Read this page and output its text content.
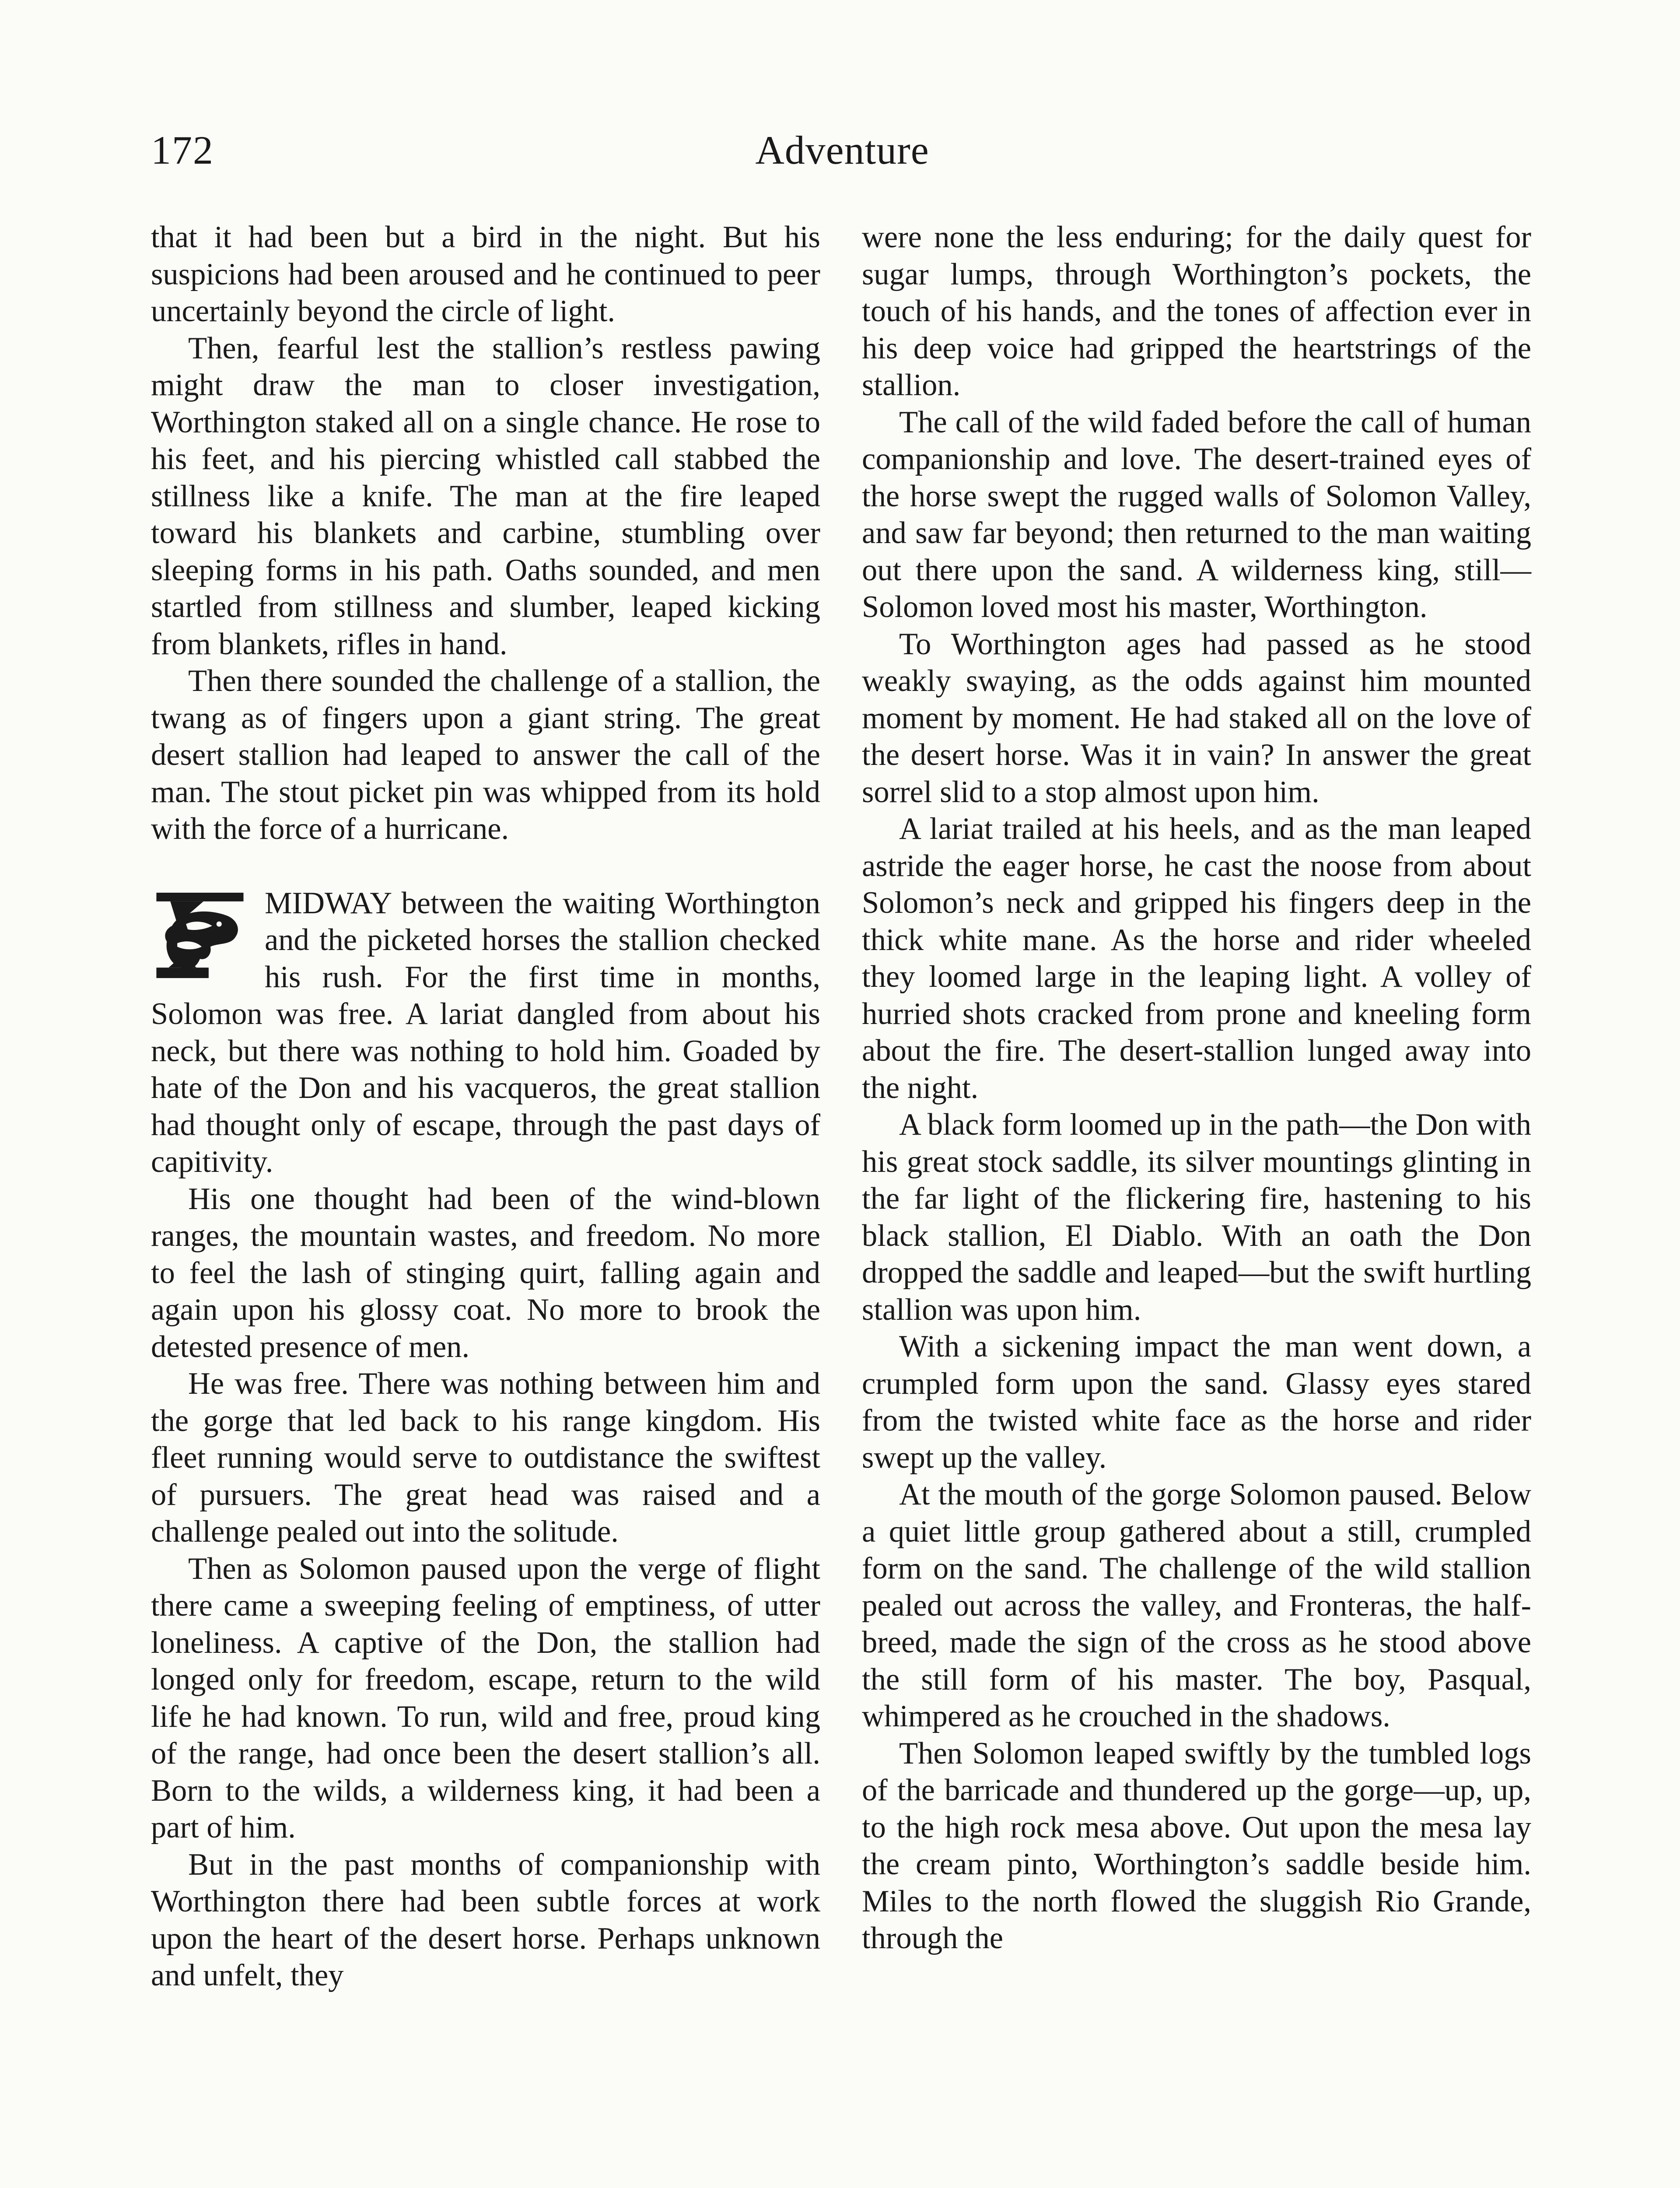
172	Adventure

that it had been but a bird in the night. But his suspicions had been aroused and he continued to peer uncertainly beyond the circle of light.

Then, fearful lest the stallion’s restless pawing might draw the man to closer investigation, Worthington staked all on a single chance. He rose to his feet, and his piercing whistled call stabbed the stillness like a knife. The man at the fire leaped toward his blankets and carbine, stumbling over sleeping forms in his path. Oaths sounded, and men startled from stillness and slumber, leaped kicking from blankets, rifles in hand.

Then there sounded the challenge of a stallion, the twang as of fingers upon a giant string. The great desert stallion had leaped to answer the call of the man. The stout picket pin was whipped from its hold with the force of a hurricane.

MIDWAY between the waiting Worthington and the picketed horses the stallion checked his rush. For the first time in months, Solomon was free. A lariat dangled from about his neck, but there was nothing to hold him. Goaded by hate of the Don and his vacqueros, the great stallion had thought only of escape, through the past days of capitivity.

His one thought had been of the wind-blown ranges, the mountain wastes, and freedom. No more to feel the lash of stinging quirt, falling again and again upon his glossy coat. No more to brook the detested presence of men.

He was free. There was nothing between him and the gorge that led back to his range kingdom. His fleet running would serve to outdistance the swiftest of pursuers. The great head was raised and a challenge pealed out into the solitude.

Then as Solomon paused upon the verge of flight there came a sweeping feeling of emptiness, of utter loneliness. A captive of the Don, the stallion had longed only for freedom, escape, return to the wild life he had known. To run, wild and free, proud king of the range, had once been the desert stallion’s all. Born to the wilds, a wilderness king, it had been a part of him.

But in the past months of companionship with Worthington there had been subtle forces at work upon the heart of the desert horse. Perhaps unknown and unfelt, they

were none the less enduring; for the daily quest for sugar lumps, through Worthington’s pockets, the touch of his hands, and the tones of affection ever in his deep voice had gripped the heartstrings of the stallion.

The call of the wild faded before the call of human companionship and love. The desert-trained eyes of the horse swept the rugged walls of Solomon Valley, and saw far beyond; then returned to the man waiting out there upon the sand. A wilderness king, still—Solomon loved most his master, Worthington.

To Worthington ages had passed as he stood weakly swaying, as the odds against him mounted moment by moment. He had staked all on the love of the desert horse. Was it in vain? In answer the great sorrel slid to a stop almost upon him.

A lariat trailed at his heels, and as the man leaped astride the eager horse, he cast the noose from about Solomon’s neck and gripped his fingers deep in the thick white mane. As the horse and rider wheeled they loomed large in the leaping light. A volley of hurried shots cracked from prone and kneeling form about the fire. The desert-stallion lunged away into the night.

A black form loomed up in the path—the Don with his great stock saddle, its silver mountings glinting in the far light of the flickering fire, hastening to his black stallion, El Diablo. With an oath the Don dropped the saddle and leaped—but the swift hurtling stallion was upon him.

With a sickening impact the man went down, a crumpled form upon the sand. Glassy eyes stared from the twisted white face as the horse and rider swept up the valley.

At the mouth of the gorge Solomon paused. Below a quiet little group gathered about a still, crumpled form on the sand. The challenge of the wild stallion pealed out across the valley, and Fronteras, the half-breed, made the sign of the cross as he stood above the still form of his master. The boy, Pasqual, whimpered as he crouched in the shadows.

Then Solomon leaped swiftly by the tumbled logs of the barricade and thundered up the gorge—up, up, to the high rock mesa above. Out upon the mesa lay the cream pinto, Worthington’s saddle beside him. Miles to the north flowed the sluggish Rio Grande, through the
